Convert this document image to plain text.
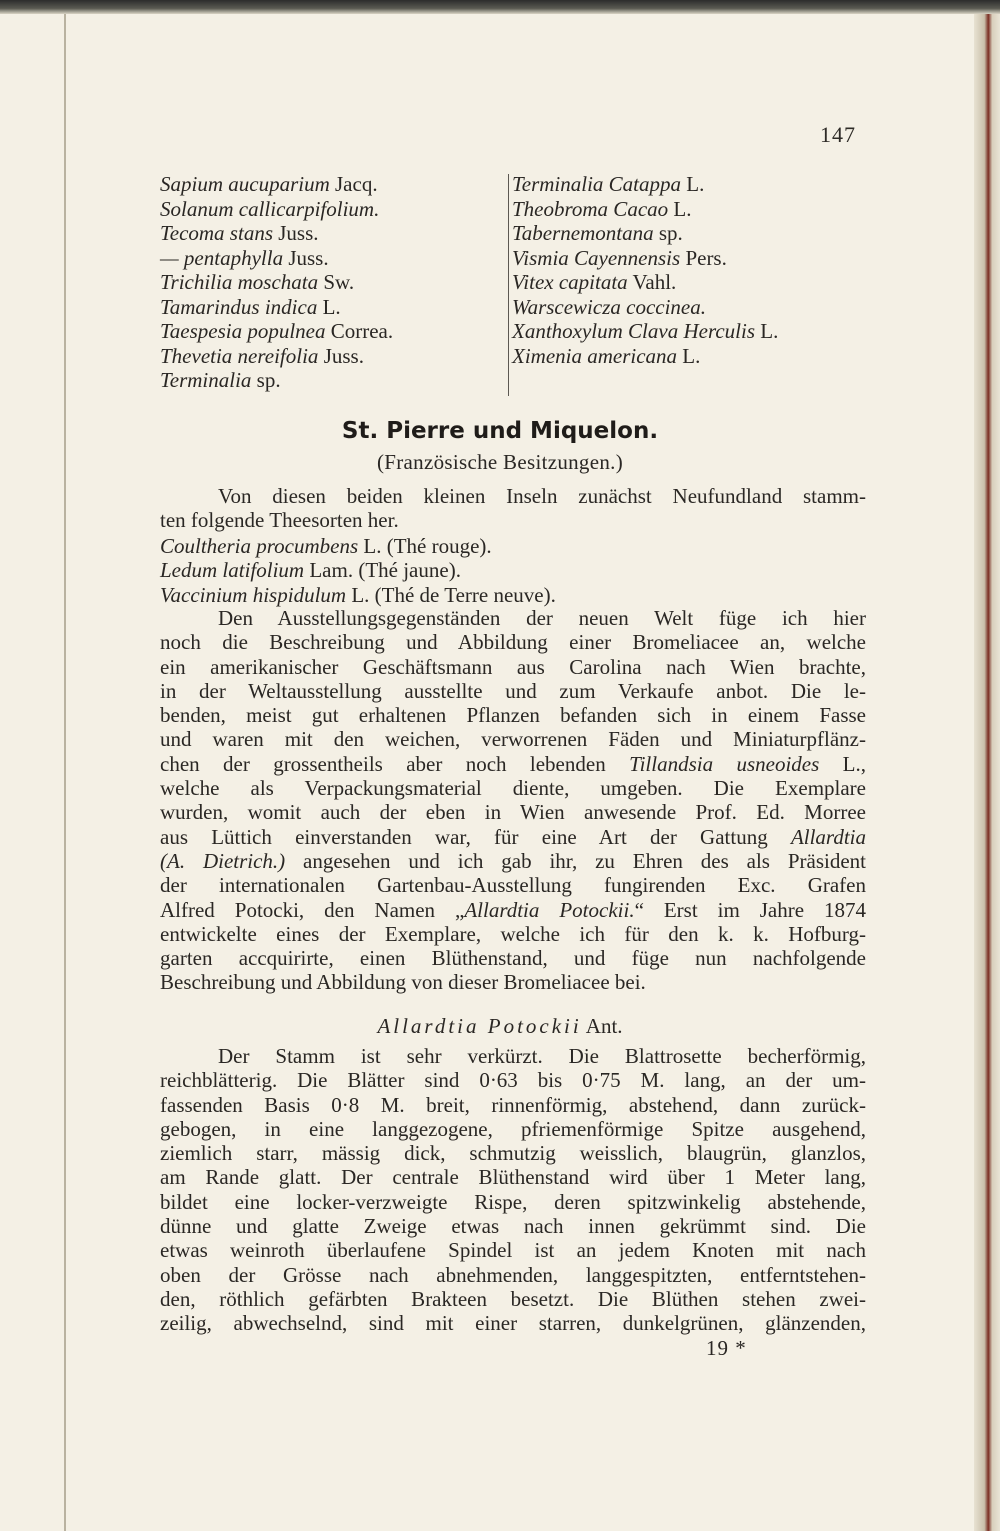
147
Sapium aucuparium Jacq.
Solanum callicarpifolium.
Tecoma stans Juss.
— pentaphylla Juss.
Trichilia moschata Sw.
Tamarindus indica L.
Taespesia populnea Correa.
Thevetia nereifolia Juss.
Terminalia sp.
Terminalia Catappa L.
Theobroma Cacao L.
Tabernemontana sp.
Vismia Cayennensis Pers.
Vitex capitata Vahl.
Warscewicza coccinea.
Xanthoxylum Clava Herculis L.
Ximenia americana L.
St. Pierre und Miquelon.
(Französische Besitzungen.)
Von diesen beiden kleinen Inseln zunächst Neufundland stamm-
ten folgende Theesorten her.
Coultheria procumbens L. (Thé rouge).
Ledum latifolium Lam. (Thé jaune).
Vaccinium hispidulum L. (Thé de Terre neuve).
Den Ausstellungsgegenständen der neuen Welt füge ich hier
noch die Beschreibung und Abbildung einer Bromeliacee an, welche
ein amerikanischer Geschäftsmann aus Carolina nach Wien brachte,
in der Weltausstellung ausstellte und zum Verkaufe anbot. Die le-
benden, meist gut erhaltenen Pflanzen befanden sich in einem Fasse
und waren mit den weichen, verworrenen Fäden und Miniaturpflänz-
chen der grossentheils aber noch lebenden Tillandsia usneoides L.,
welche als Verpackungsmaterial diente, umgeben. Die Exemplare
wurden, womit auch der eben in Wien anwesende Prof. Ed. Morree
aus Lüttich einverstanden war, für eine Art der Gattung Allardtia
(A. Dietrich.) angesehen und ich gab ihr, zu Ehren des als Präsident
der internationalen Gartenbau-Ausstellung fungirenden Exc. Grafen
Alfred Potocki, den Namen „Allardtia Potockii.“ Erst im Jahre 1874
entwickelte eines der Exemplare, welche ich für den k. k. Hofburg-
garten accquirirte, einen Blüthenstand, und füge nun nachfolgende
Beschreibung und Abbildung von dieser Bromeliacee bei.
Allardtia Potockii Ant.
Der Stamm ist sehr verkürzt. Die Blattrosette becherförmig,
reichblätterig. Die Blätter sind 0·63 bis 0·75 M. lang, an der um-
fassenden Basis 0·8 M. breit, rinnenförmig, abstehend, dann zurück-
gebogen, in eine langgezogene, pfriemenförmige Spitze ausgehend,
ziemlich starr, mässig dick, schmutzig weisslich, blaugrün, glanzlos,
am Rande glatt. Der centrale Blüthenstand wird über 1 Meter lang,
bildet eine locker-verzweigte Rispe, deren spitzwinkelig abstehende,
dünne und glatte Zweige etwas nach innen gekrümmt sind. Die
etwas weinroth überlaufene Spindel ist an jedem Knoten mit nach
oben der Grösse nach abnehmenden, langgespitzten, entferntstehen-
den, röthlich gefärbten Brakteen besetzt. Die Blüthen stehen zwei-
zeilig, abwechselnd, sind mit einer starren, dunkelgrünen, glänzenden,
19 *
